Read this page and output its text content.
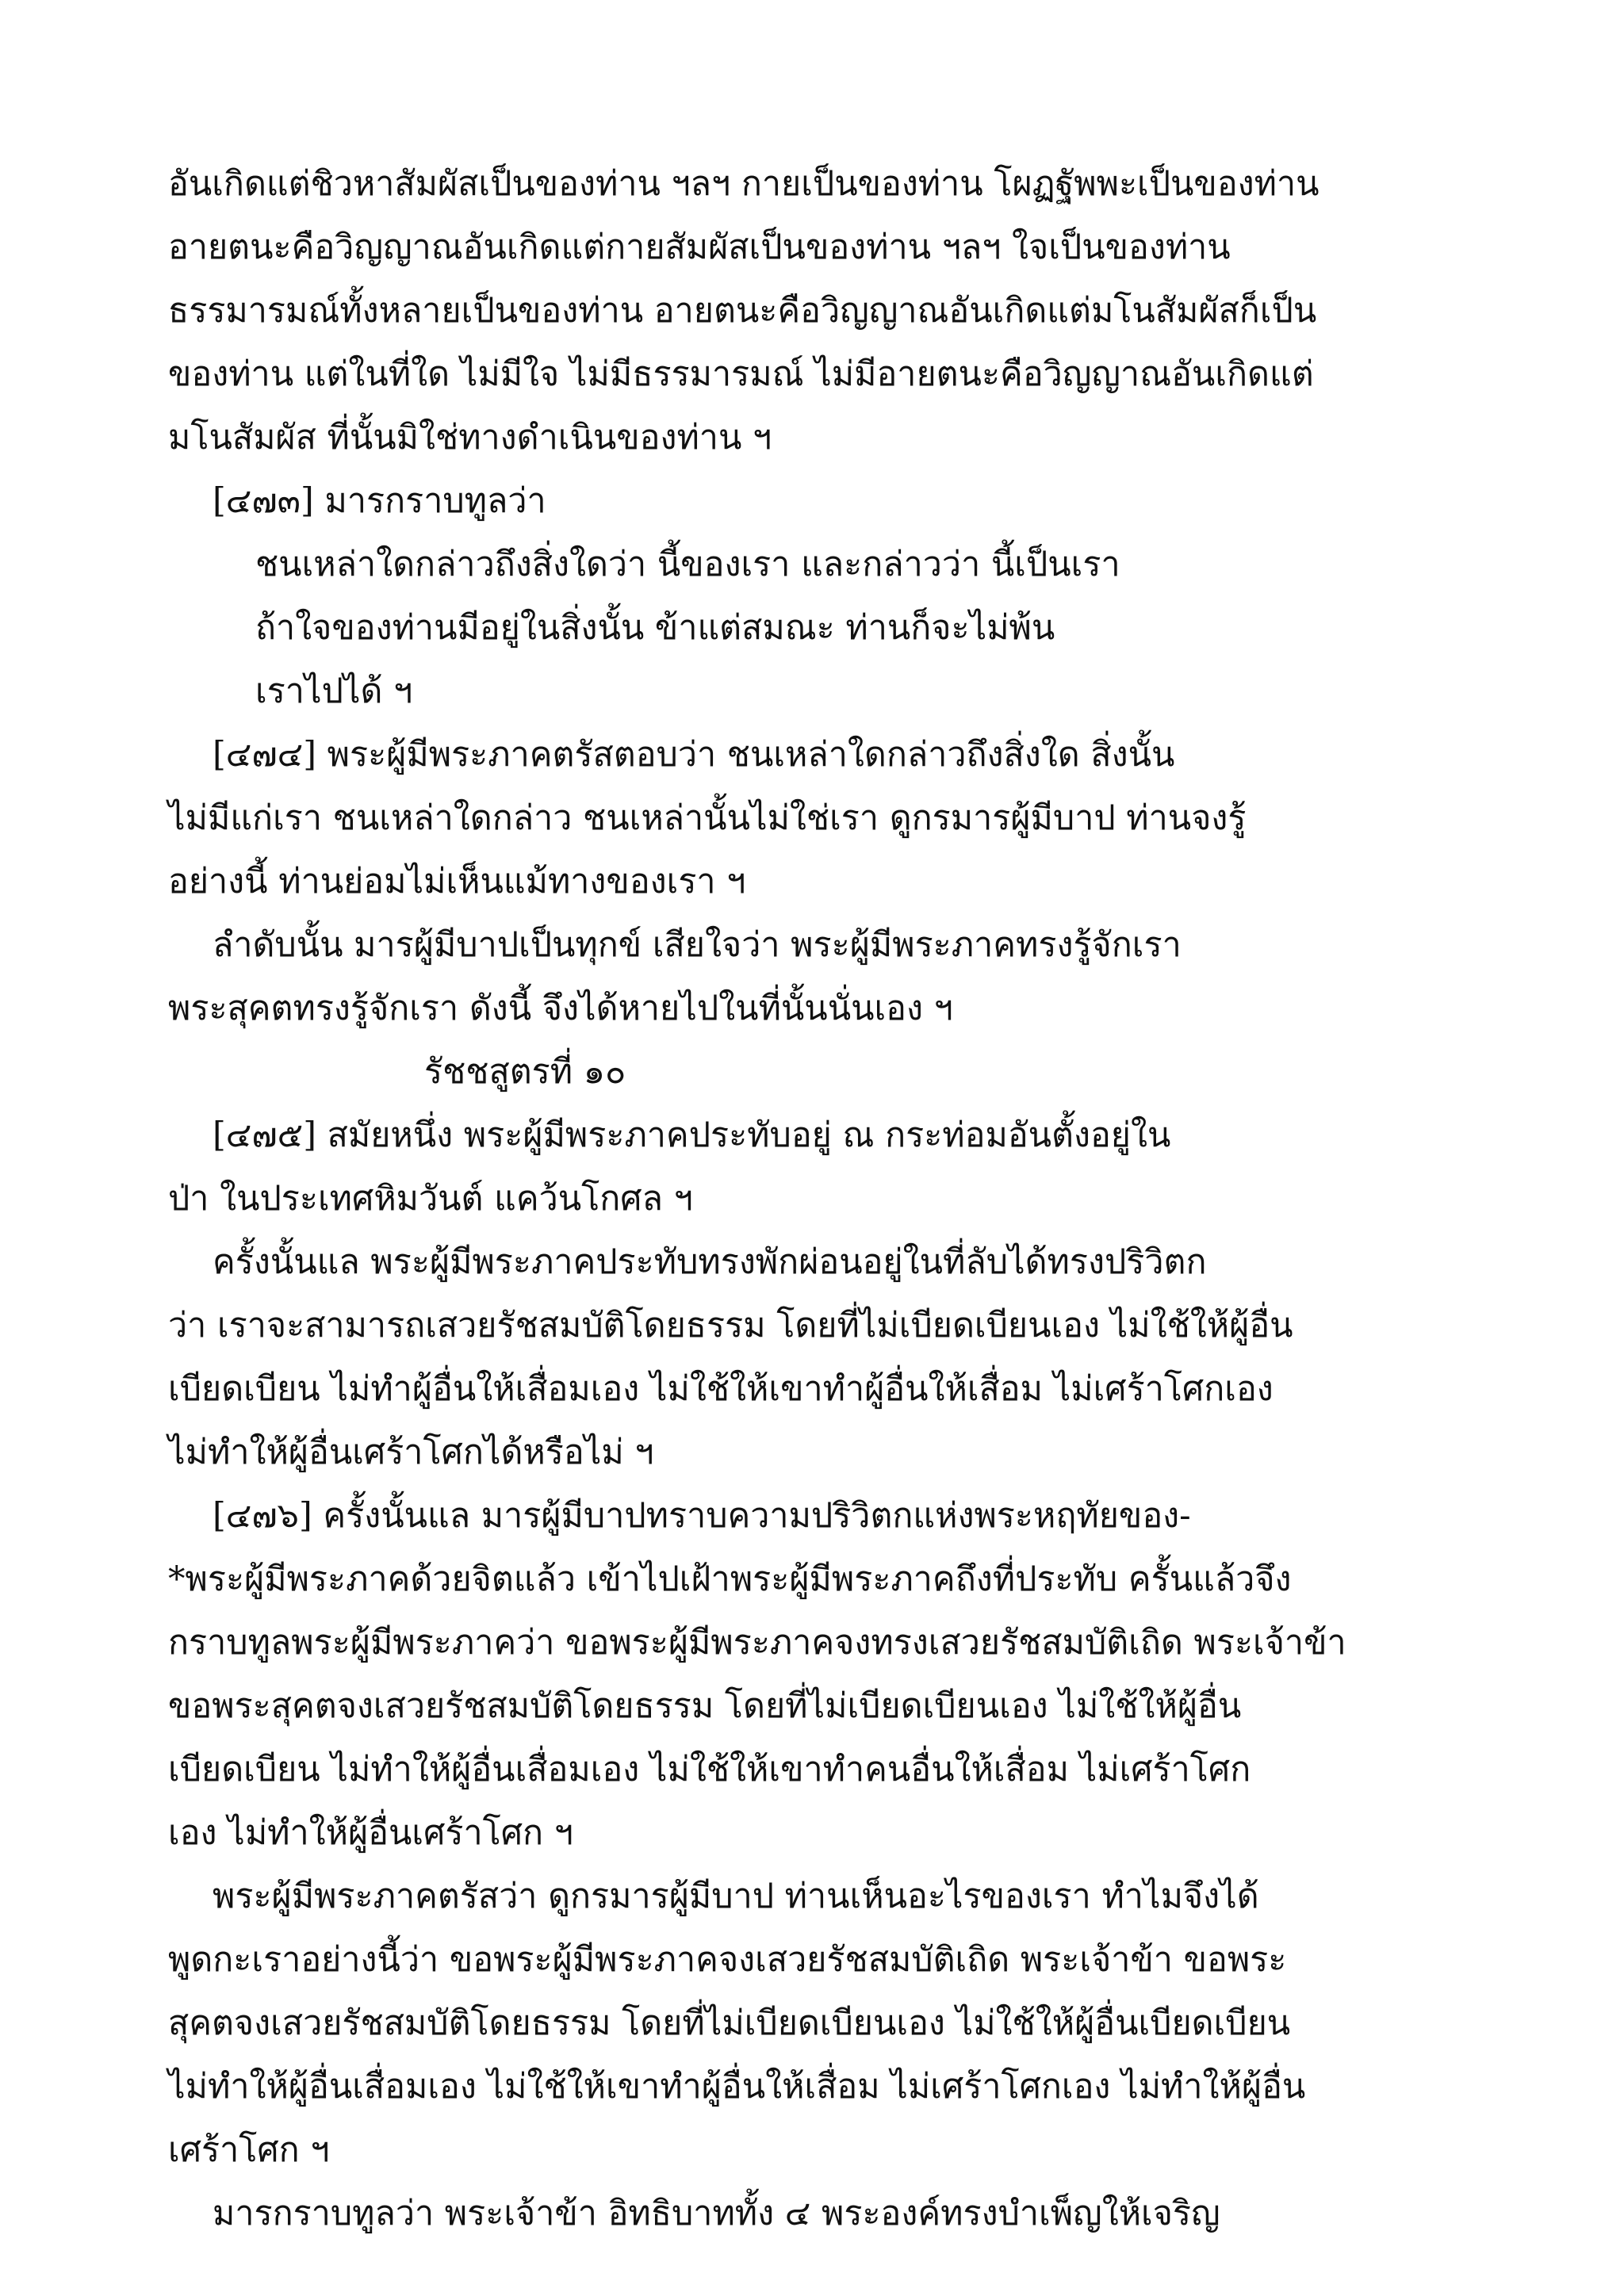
อันเกิดแต่ชิวหาสัมผัสเป็นของท่าน ฯลฯ กายเป็นของท่าน โผฏฐัพพะเป็นของท่าน
อายตนะคือวิญญาณอันเกิดแต่กายสัมผัสเป็นของท่าน ฯลฯ ใจเป็นของท่าน
ธรรมารมณ์ทั้งหลายเป็นของท่าน อายตนะคือวิญญาณอันเกิดแต่มโนสัมผัสก็เป็น
ของท่าน แต่ในที่ใด ไม่มีใจ ไม่มีธรรมารมณ์ ไม่มีอายตนะคือวิญญาณอันเกิดแต่
มโนสัมผัส ที่นั้นมิใช่ทางดำเนินของท่าน ฯ
[๔๗๓] มารกราบทูลว่า
ชนเหล่าใดกล่าวถึงสิ่งใดว่า นี้ของเรา และกล่าวว่า นี้เป็นเรา
ถ้าใจของท่านมีอยู่ในสิ่งนั้น ข้าแต่สมณะ ท่านก็จะไม่พ้น
เราไปได้ ฯ
[๔๗๔] พระผู้มีพระภาคตรัสตอบว่า ชนเหล่าใดกล่าวถึงสิ่งใด สิ่งนั้น
ไม่มีแก่เรา ชนเหล่าใดกล่าว ชนเหล่านั้นไม่ใช่เรา ดูกรมารผู้มีบาป ท่านจงรู้
อย่างนี้ ท่านย่อมไม่เห็นแม้ทางของเรา ฯ
ลำดับนั้น มารผู้มีบาปเป็นทุกข์ เสียใจว่า พระผู้มีพระภาคทรงรู้จักเรา
พระสุคตทรงรู้จักเรา ดังนี้ จึงได้หายไปในที่นั้นนั่นเอง ฯ
รัชชสูตรที่ ๑๐
[๔๗๕] สมัยหนึ่ง พระผู้มีพระภาคประทับอยู่ ณ กระท่อมอันตั้งอยู่ใน
ป่า ในประเทศหิมวันต์ แคว้นโกศล ฯ
ครั้งนั้นแล พระผู้มีพระภาคประทับทรงพักผ่อนอยู่ในที่ลับได้ทรงปริวิตก
ว่า เราจะสามารถเสวยรัชสมบัติโดยธรรม โดยที่ไม่เบียดเบียนเอง ไม่ใช้ให้ผู้อื่น
เบียดเบียน ไม่ทำผู้อื่นให้เสื่อมเอง ไม่ใช้ให้เขาทำผู้อื่นให้เสื่อม ไม่เศร้าโศกเอง
ไม่ทำให้ผู้อื่นเศร้าโศกได้หรือไม่ ฯ
[๔๗๖] ครั้งนั้นแล มารผู้มีบาปทราบความปริวิตกแห่งพระหฤทัยของ-
*พระผู้มีพระภาคด้วยจิตแล้ว เข้าไปเฝ้าพระผู้มีพระภาคถึงที่ประทับ ครั้นแล้วจึง
กราบทูลพระผู้มีพระภาคว่า ขอพระผู้มีพระภาคจงทรงเสวยรัชสมบัติเถิด พระเจ้าข้า
ขอพระสุคตจงเสวยรัชสมบัติโดยธรรม โดยที่ไม่เบียดเบียนเอง ไม่ใช้ให้ผู้อื่น
เบียดเบียน ไม่ทำให้ผู้อื่นเสื่อมเอง ไม่ใช้ให้เขาทำคนอื่นให้เสื่อม ไม่เศร้าโศก
เอง ไม่ทำให้ผู้อื่นเศร้าโศก ฯ
พระผู้มีพระภาคตรัสว่า ดูกรมารผู้มีบาป ท่านเห็นอะไรของเรา ทำไมจึงได้
พูดกะเราอย่างนี้ว่า ขอพระผู้มีพระภาคจงเสวยรัชสมบัติเถิด พระเจ้าข้า ขอพระ
สุคตจงเสวยรัชสมบัติโดยธรรม โดยที่ไม่เบียดเบียนเอง ไม่ใช้ให้ผู้อื่นเบียดเบียน
ไม่ทำให้ผู้อื่นเสื่อมเอง ไม่ใช้ให้เขาทำผู้อื่นให้เสื่อม ไม่เศร้าโศกเอง ไม่ทำให้ผู้อื่น
เศร้าโศก ฯ
มารกราบทูลว่า พระเจ้าข้า อิทธิบาททั้ง ๔ พระองค์ทรงบำเพ็ญให้เจริญ
